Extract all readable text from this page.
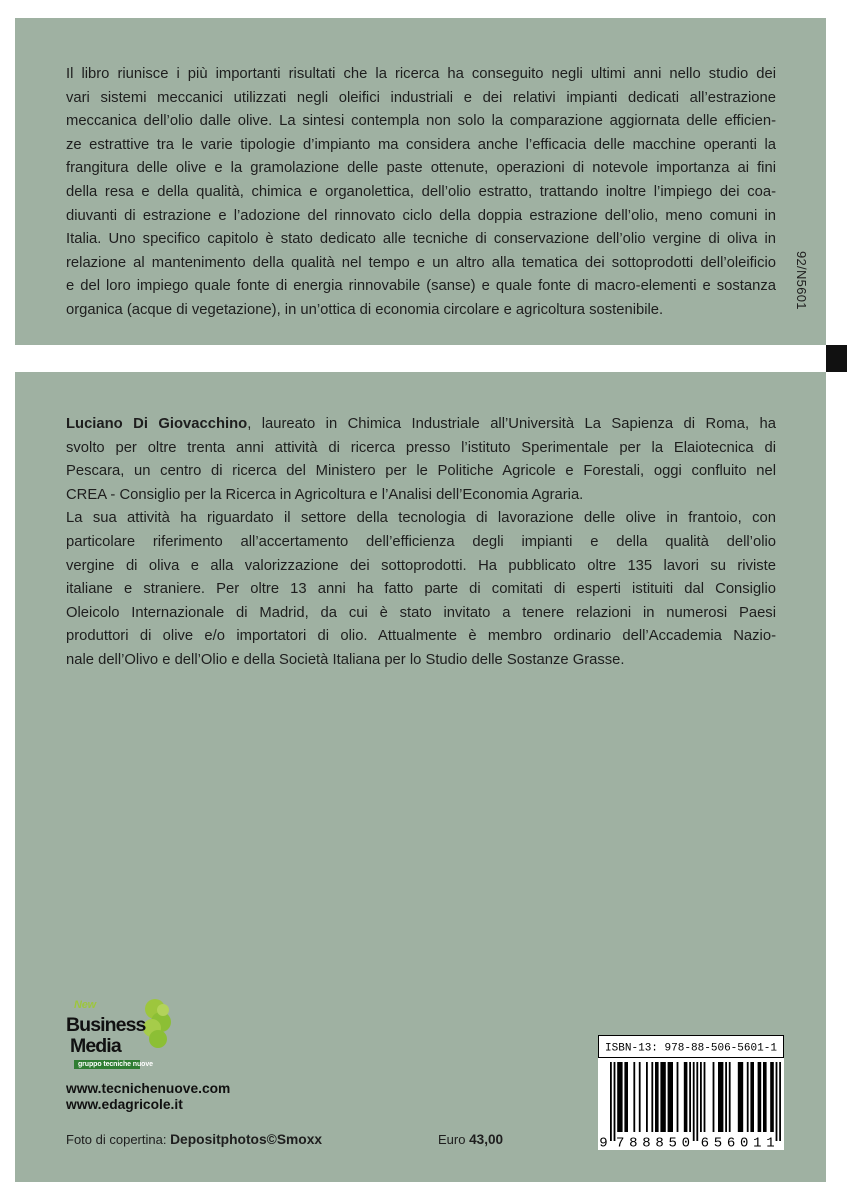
Il libro riunisce i più importanti risultati che la ricerca ha conseguito negli ultimi anni nello studio dei
vari sistemi meccanici utilizzati negli oleifici industriali e dei relativi impianti dedicati all’estrazione
meccanica dell’olio dalle olive. La sintesi contempla non solo la comparazione aggiornata delle efficien-
ze estrattive tra le varie tipologie d’impianto ma considera anche l’efficacia delle macchine operanti la
frangitura delle olive e la gramolazione delle paste ottenute, operazioni di notevole importanza ai fini
della resa e della qualità, chimica e organolettica, dell’olio estratto, trattando inoltre l’impiego dei coa-
diuvanti di estrazione e l’adozione del rinnovato ciclo della doppia estrazione dell’olio, meno comuni in
Italia. Uno specifico capitolo è stato dedicato alle tecniche di conservazione dell’olio vergine di oliva in
relazione al mantenimento della qualità nel tempo e un altro alla tematica dei sottoprodotti dell’oleificio
e del loro impiego quale fonte di energia rinnovabile (sanse) e quale fonte di macro-elementi e sostanza
organica (acque di vegetazione), in un’ottica di economia circolare e agricoltura sostenibile.
92/N5601
Luciano Di Giovacchino, laureato in Chimica Industriale all’Università La Sapienza di Roma, ha
svolto per oltre trenta anni attività di ricerca presso l’istituto Sperimentale per la Elaiotecnica di
Pescara, un centro di ricerca del Ministero per le Politiche Agricole e Forestali, oggi confluito nel
CREA - Consiglio per la Ricerca in Agricoltura e l’Analisi dell’Economia Agraria.
La sua attività ha riguardato il settore della tecnologia di lavorazione delle olive in frantoio, con
particolare riferimento all’accertamento dell’efficienza degli impianti e della qualità dell’olio
vergine di oliva e alla valorizzazione dei sottoprodotti. Ha pubblicato oltre 135 lavori su riviste
italiane e straniere. Per oltre 13 anni ha fatto parte di comitati di esperti istituiti dal Consiglio
Oleicolo Internazionale di Madrid, da cui è stato invitato a tenere relazioni in numerosi Paesi
produttori di olive e/o importatori di olio. Attualmente è membro ordinario dell’Accademia Nazio-
nale dell’Olivo e dell’Olio e della Società Italiana per lo Studio delle Sostanze Grasse.
New
Business
Media
gruppo tecniche nuove
www.tecnichenuove.com
www.edagricole.it
Foto di copertina: Depositphotos©Smoxx	Euro 43,00
ISBN-13: 978-88-506-5601-1
9 788850 656011
